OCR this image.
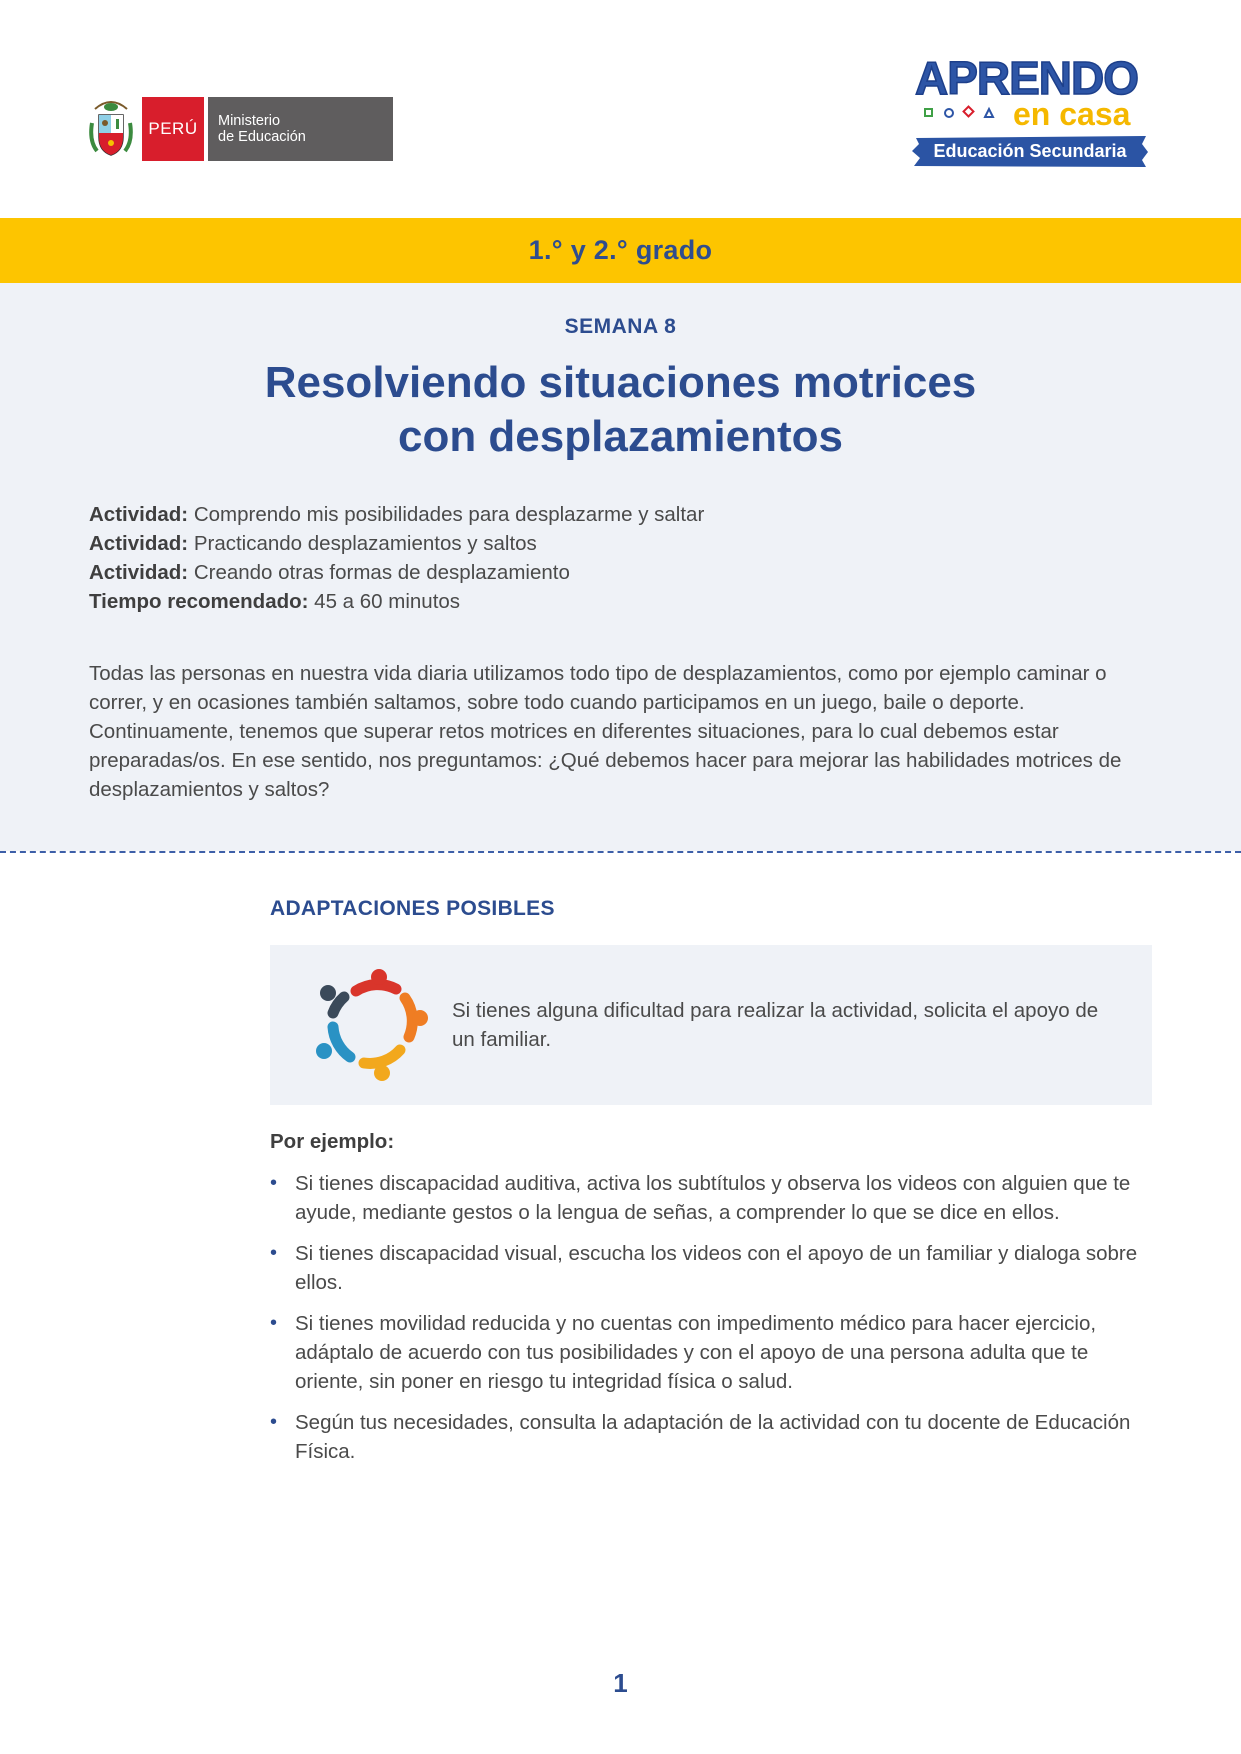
PERÚ	Ministerio
de Educación
APRENDO
en casa
Educación Secundaria
1.° y 2.° grado
SEMANA 8
Resolviendo situaciones motrices
con desplazamientos
Actividad: Comprendo mis posibilidades para desplazarme y saltar
Actividad: Practicando desplazamientos y saltos
Actividad: Creando otras formas de desplazamiento
Tiempo recomendado: 45 a 60 minutos
Todas las personas en nuestra vida diaria utilizamos todo tipo de desplazamientos, como por ejemplo caminar o correr, y en ocasiones también saltamos, sobre todo cuando participamos en un juego, baile o deporte. Continuamente, tenemos que superar retos motrices en diferentes situaciones, para lo cual debemos estar preparadas/os. En ese sentido, nos preguntamos: ¿Qué debemos hacer para mejorar las habilidades motrices de desplazamientos y saltos?
ADAPTACIONES POSIBLES
Si tienes alguna dificultad para realizar la actividad, solicita el apoyo de un familiar.
Por ejemplo:
• Si tienes discapacidad auditiva, activa los subtítulos y observa los videos con alguien que te ayude, mediante gestos o la lengua de señas, a comprender lo que se dice en ellos.
• Si tienes discapacidad visual, escucha los videos con el apoyo de un familiar y dialoga sobre ellos.
• Si tienes movilidad reducida y no cuentas con impedimento médico para hacer ejercicio, adáptalo de acuerdo con tus posibilidades y con el apoyo de una persona adulta que te oriente, sin poner en riesgo tu integridad física o salud.
• Según tus necesidades, consulta la adaptación de la actividad con tu docente de Educación Física.
1
